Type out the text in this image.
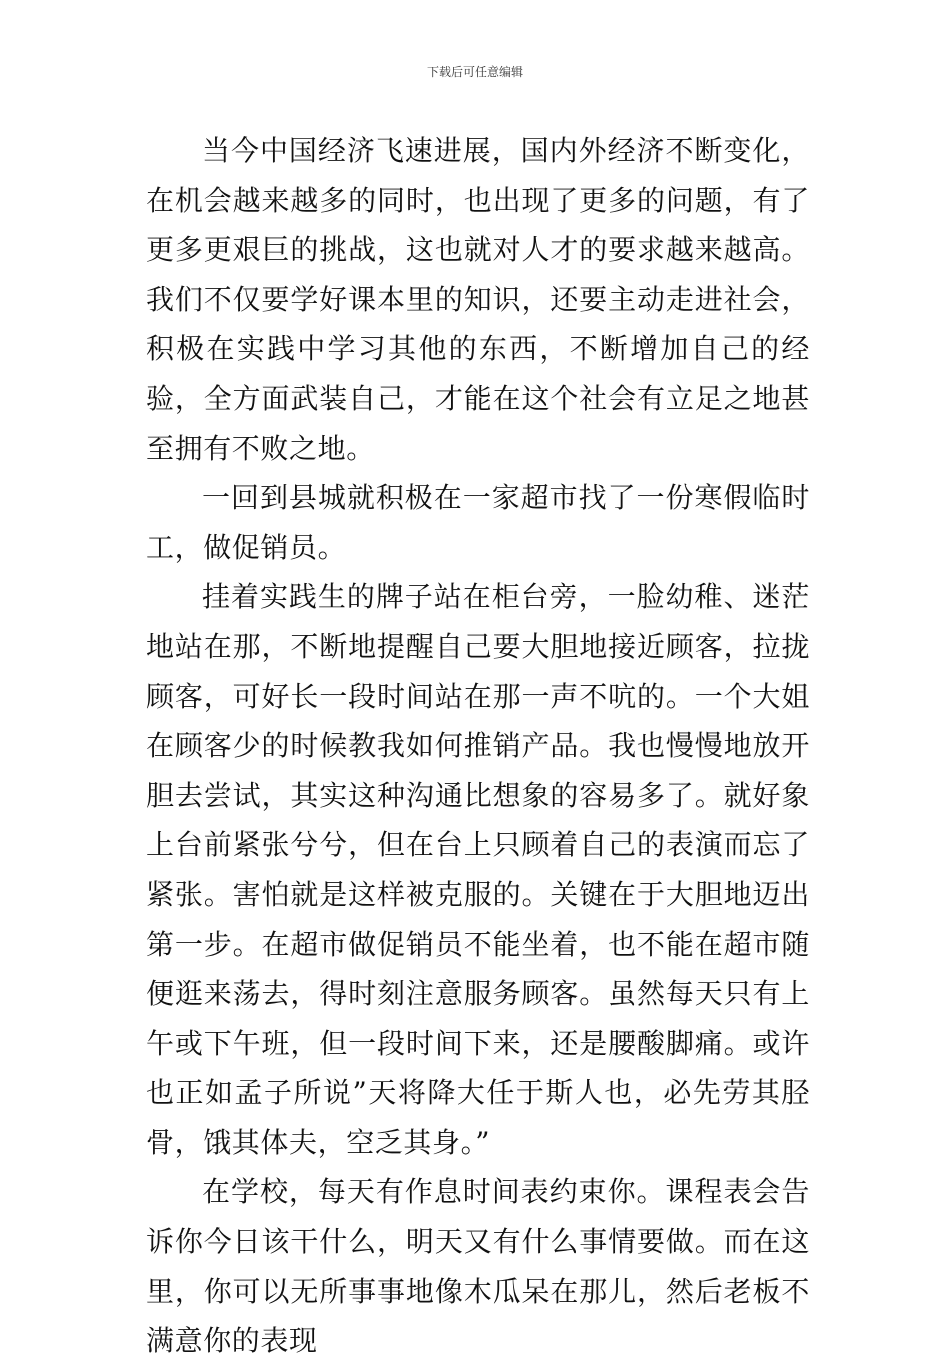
下载后可任意编辑

当今中国经济飞速进展，国内外经济不断变化，在机会越来越多的同时，也出现了更多的问题，有了更多更艰巨的挑战，这也就对人才的要求越来越高。我们不仅要学好课本里的知识，还要主动走进社会，积极在实践中学习其他的东西，不断增加自己的经验，全方面武装自己，才能在这个社会有立足之地甚至拥有不败之地。

一回到县城就积极在一家超市找了一份寒假临时工，做促销员。

挂着实践生的牌子站在柜台旁，一脸幼稚、迷茫地站在那，不断地提醒自己要大胆地接近顾客，拉拢顾客，可好长一段时间站在那一声不吭的。一个大姐在顾客少的时候教我如何推销产品。我也慢慢地放开胆去尝试，其实这种沟通比想象的容易多了。就好象上台前紧张兮兮，但在台上只顾着自己的表演而忘了紧张。害怕就是这样被克服的。关键在于大胆地迈出第一步。在超市做促销员不能坐着，也不能在超市随便逛来荡去，得时刻注意服务顾客。虽然每天只有上午或下午班，但一段时间下来，还是腰酸脚痛。或许也正如孟子所说”天将降大任于斯人也，必先劳其胫骨，饿其体夫，空乏其身。”

在学校，每天有作息时间表约束你。课程表会告诉你今日该干什么，明天又有什么事情要做。而在这里，你可以无所事事地像木瓜呆在那儿，然后老板不满意你的表现
